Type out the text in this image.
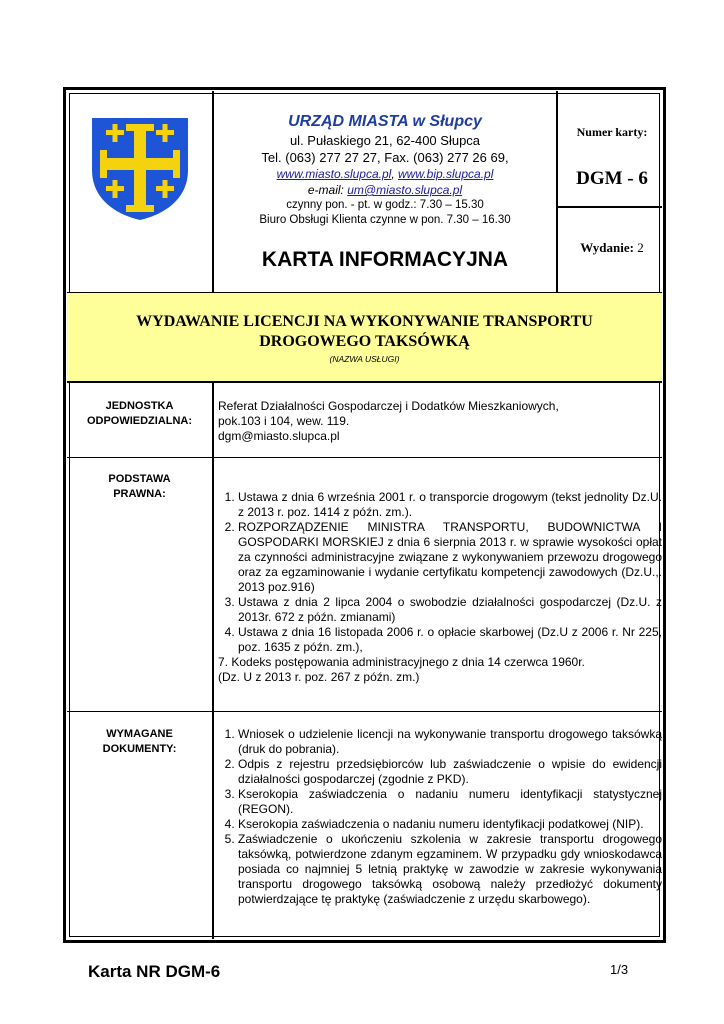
URZĄD MIASTA w Słupcy
ul. Pułaskiego 21, 62-400 Słupca
Tel. (063) 277 27 27, Fax. (063) 277 26 69,
www.miasto.slupca.pl, www.bip.slupca.pl
e-mail: um@miasto.slupca.pl
czynny pon. - pt. w godz.: 7.30 – 15.30
Biuro Obsługi Klienta czynne w pon. 7.30 – 16.30
KARTA INFORMACYJNA
Numer karty:
DGM - 6
Wydanie: 2
WYDAWANIE LICENCJI NA WYKONYWANIE TRANSPORTU
DROGOWEGO TAKSÓWKĄ
(NAZWA USŁUGI)
JEDNOSTKA
ODPOWIEDZIALNA:
Referat Działalności Gospodarczej i Dodatków Mieszkaniowych,
pok.103 i 104, wew. 119.
dgm@miasto.slupca.pl
PODSTAWA
PRAWNA:	1. Ustawa z dnia 6 września 2001 r. o transporcie drogowym (tekst jednolity Dz.U. z 2013 r. poz. 1414 z późn. zm.).
2. ROZPORZĄDZENIE MINISTRA TRANSPORTU, BUDOWNICTWA I GOSPODARKI MORSKIEJ z dnia 6 sierpnia 2013 r. w sprawie wysokości opłat za czynności administracyjne związane z wykonywaniem przewozu drogowego oraz za egzaminowanie i wydanie certyfikatu kompetencji zawodowych (Dz.U.,. 2013 poz.916)
3. Ustawa z dnia 2 lipca 2004 o swobodzie działalności gospodarczej (Dz.U. z 2013r. 672 z późn. zmianami)
4. Ustawa z dnia 16 listopada 2006 r. o opłacie skarbowej (Dz.U z 2006 r. Nr 225, poz. 1635 z późn. zm.),
7. Kodeks postępowania administracyjnego z dnia 14 czerwca 1960r.
(Dz. U z 2013 r. poz. 267 z późn. zm.)
WYMAGANE
DOKUMENTY:
1. Wniosek o udzielenie licencji na wykonywanie transportu drogowego taksówką (druk do pobrania).
2. Odpis z rejestru przedsiębiorców lub zaświadczenie o wpisie do ewidencji działalności gospodarczej (zgodnie z PKD).
3. Kserokopia zaświadczenia o nadaniu numeru identyfikacji statystycznej (REGON).
4. Kserokopia zaświadczenia o nadaniu numeru identyfikacji podatkowej (NIP).
5. Zaświadczenie o ukończeniu szkolenia w zakresie transportu drogowego taksówką, potwierdzone zdanym egzaminem. W przypadku gdy wnioskodawca posiada co najmniej 5 letnią praktykę w zawodzie w zakresie wykonywania transportu drogowego taksówką osobową należy przedłożyć dokumenty potwierdzające tę praktykę (zaświadczenie z urzędu skarbowego).
Karta NR DGM-6	1/3
